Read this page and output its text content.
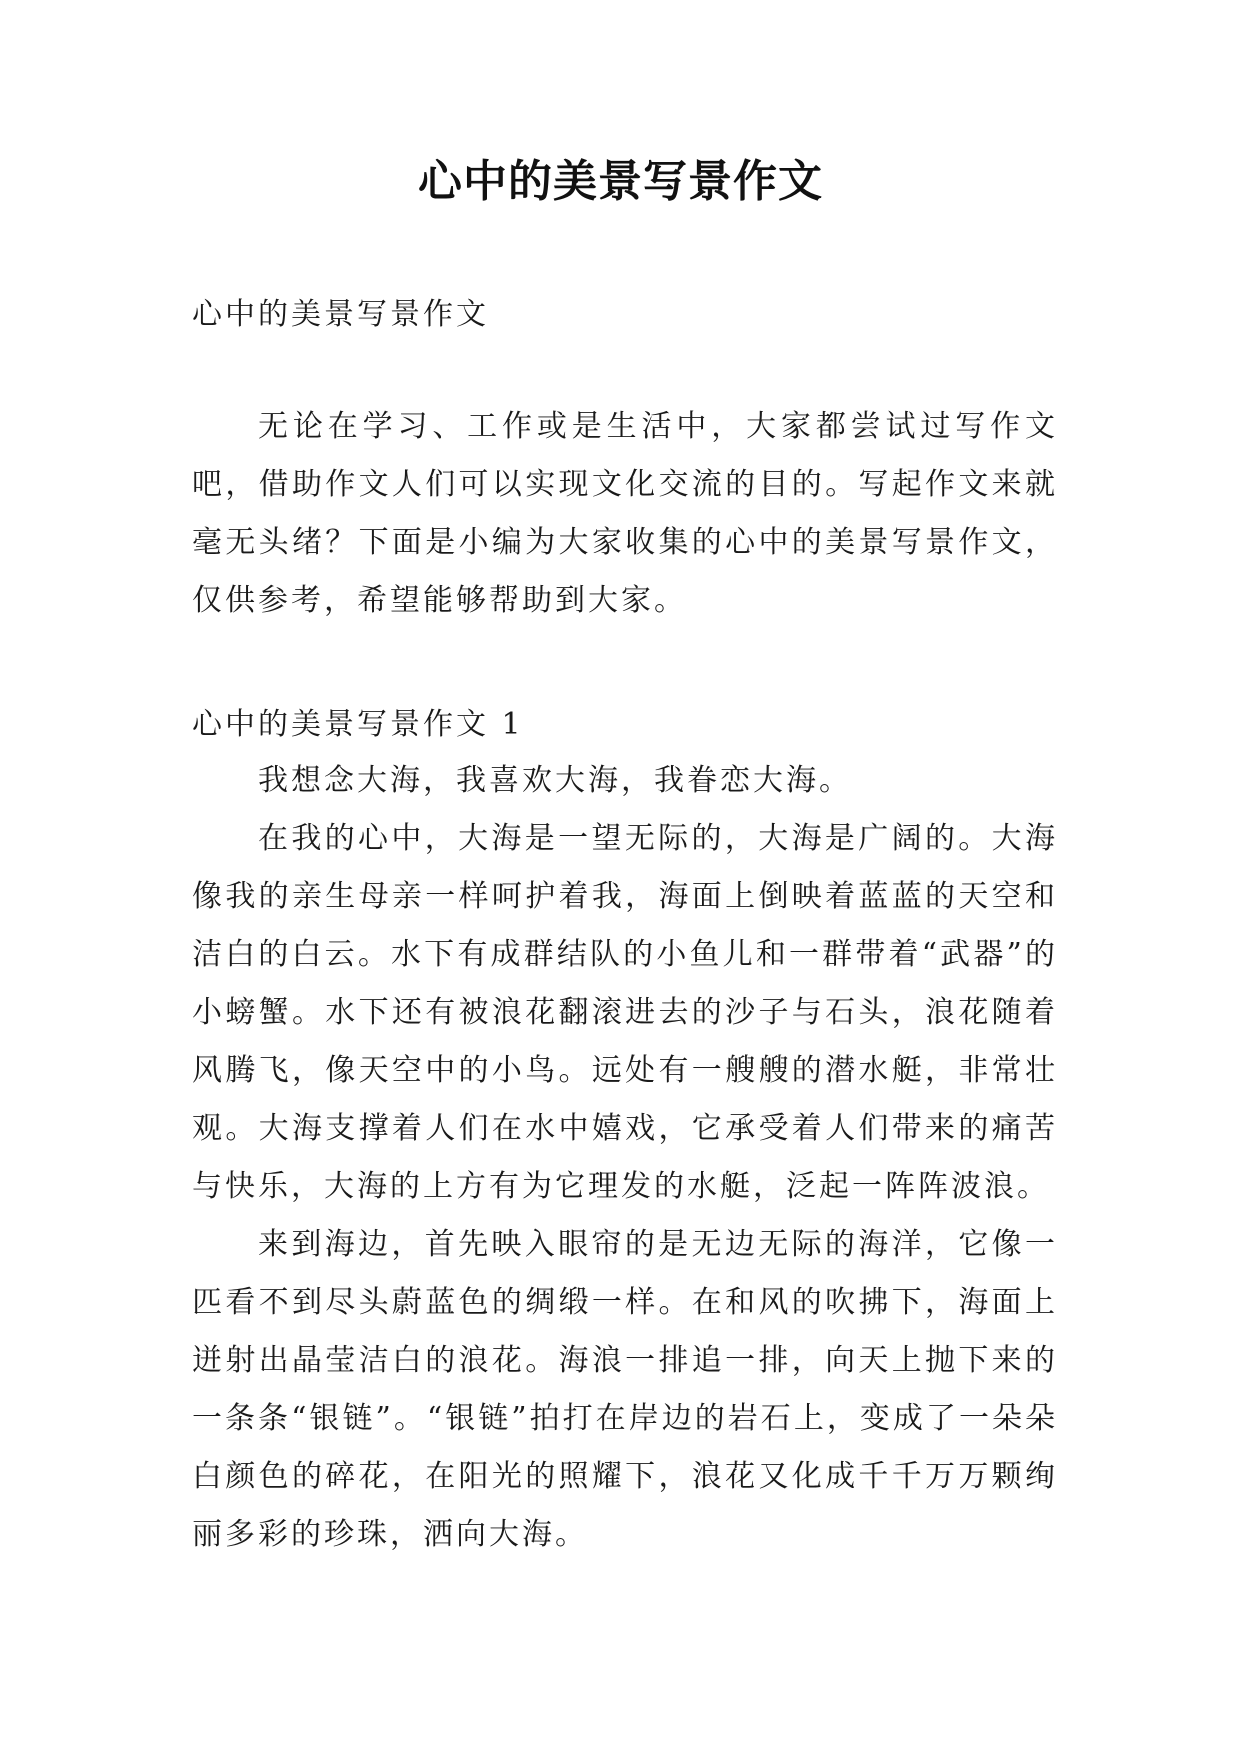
心中的美景写景作文
心中的美景写景作文

无论在学习、工作或是生活中，大家都尝试过写作文吧，借助作文人们可以实现文化交流的目的。写起作文来就毫无头绪？下面是小编为大家收集的心中的美景写景作文，仅供参考，希望能够帮助到大家。

心中的美景写景作文 1

我想念大海，我喜欢大海，我眷恋大海。

在我的心中，大海是一望无际的，大海是广阔的。大海像我的亲生母亲一样呵护着我，海面上倒映着蓝蓝的天空和洁白的白云。水下有成群结队的小鱼儿和一群带着“武器”的小螃蟹。水下还有被浪花翻滚进去的沙子与石头，浪花随着风腾飞，像天空中的小鸟。远处有一艘艘的潜水艇，非常壮观。大海支撑着人们在水中嬉戏，它承受着人们带来的痛苦与快乐，大海的上方有为它理发的水艇，泛起一阵阵波浪。

来到海边，首先映入眼帘的是无边无际的海洋，它像一匹看不到尽头蔚蓝色的绸缎一样。在和风的吹拂下，海面上迸射出晶莹洁白的浪花。海浪一排追一排，向天上抛下来的一条条“银链”。“银链”拍打在岸边的岩石上，变成了一朵朵白颜色的碎花，在阳光的照耀下，浪花又化成千千万万颗绚丽多彩的珍珠，洒向大海。
